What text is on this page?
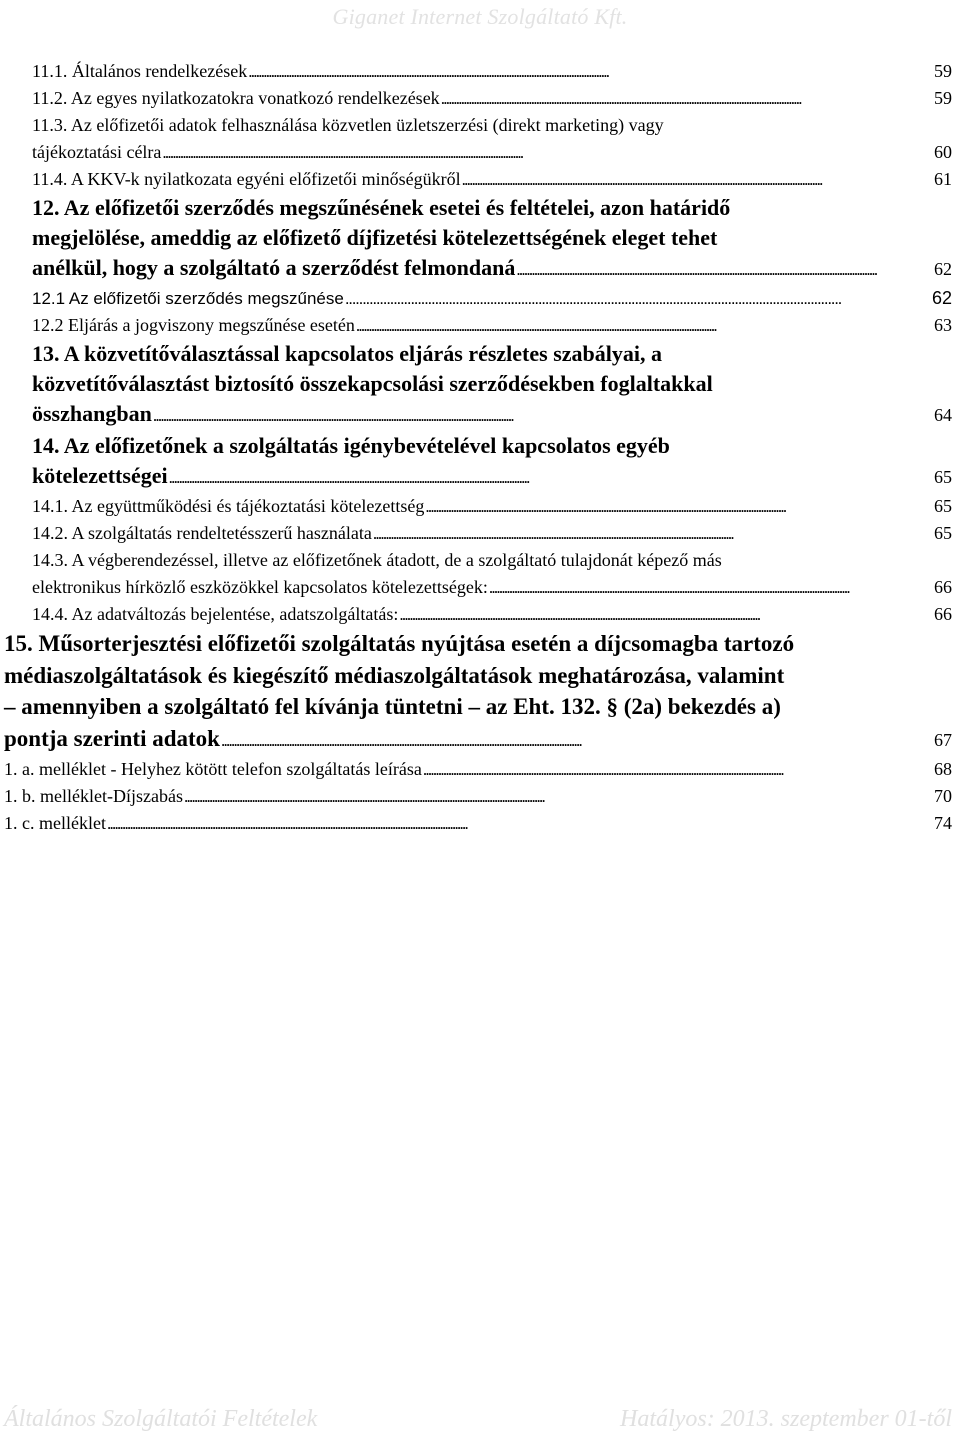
Giganet Internet Szolgáltató Kft.
11.1. Általános rendelkezések . . .	59
11.2. Az egyes nyilatkozatokra vonatkozó rendelkezések . . .	59
11.3. Az előfizetői adatok felhasználása közvetlen üzletszerzési (direkt marketing) vagy
tájékoztatási célra . . .	60
11.4. A KKV-k nyilatkozata egyéni előfizetői minőségükről . . .	61
12. Az előfizetői szerződés megszűnésének esetei és feltételei, azon határidő
megjelölése, ameddig az előfizető díjfizetési kötelezettségének eleget tehet
anélkül, hogy a szolgáltató a szerződést felmondaná . . .	62
12.1 Az előfizetői szerződés megszűnése . . .	62
12.2 Eljárás a jogviszony megszűnése esetén . . .	63
13. A közvetítőválasztással kapcsolatos eljárás részletes szabályai, a
közvetítőválasztást biztosító összekapcsolási szerződésekben foglaltakkal
összhangban . . .	64
14. Az előfizetőnek a szolgáltatás igénybevételével kapcsolatos egyéb
kötelezettségei . . .	65
14.1. Az együttműködési és tájékoztatási kötelezettség . . .	65
14.2. A szolgáltatás rendeltetésszerű használata . . .	65
14.3. A végberendezéssel, illetve az előfizetőnek átadott, de a szolgáltató tulajdonát képező más
elektronikus hírközlő eszközökkel kapcsolatos kötelezettségek: . . .	66
14.4. Az adatváltozás bejelentése, adatszolgáltatás: . . .	66
15. Műsorterjesztési előfizetői szolgáltatás nyújtása esetén a díjcsomagba tartozó
médiaszolgáltatások és kiegészítő médiaszolgáltatások meghatározása, valamint
– amennyiben a szolgáltató fel kívánja tüntetni – az Eht. 132. § (2a) bekezdés a)
pontja szerinti adatok . . .	67
1. a. melléklet - Helyhez kötött telefon szolgáltatás leírása . . .	68
1. b. melléklet-Díjszabás . . .	70
1. c. melléklet . . .	74
Általános Szolgáltatói Feltételek	Hatályos: 2013. szeptember 01-től
